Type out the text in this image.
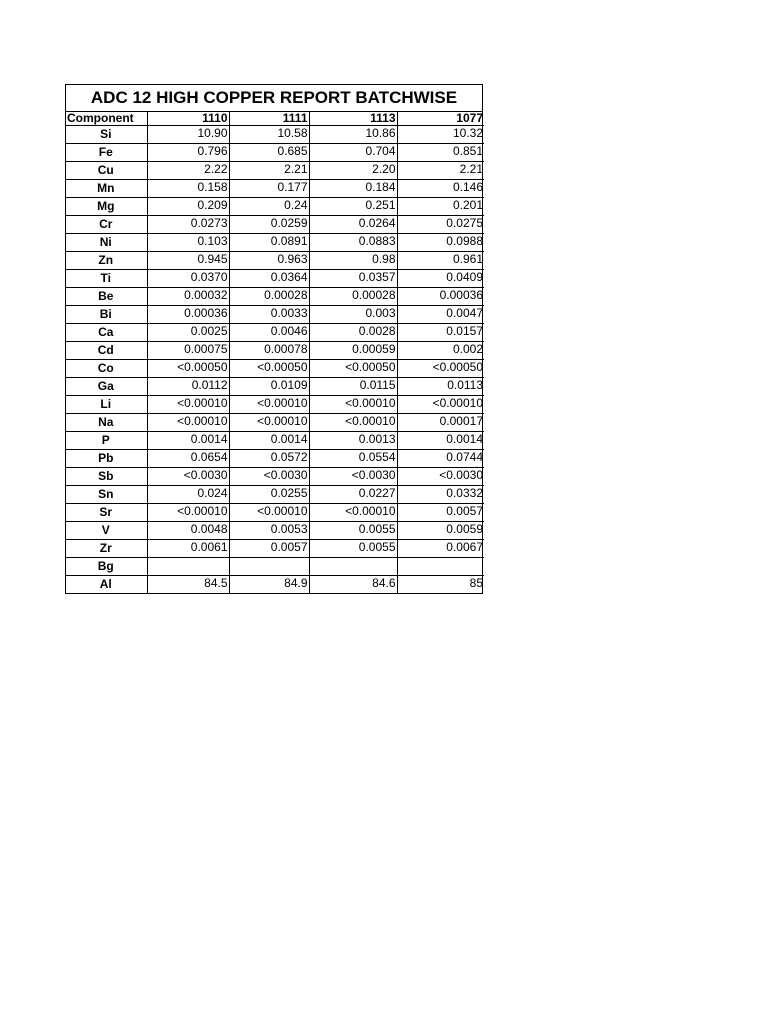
ADC 12 HIGH COPPER REPORT BATCHWISE
Component	1110	1111	1113	1077
Si	10.90	10.58	10.86	10.32
Fe	0.796	0.685	0.704	0.851
Cu	2.22	2.21	2.20	2.21
Mn	0.158	0.177	0.184	0.146
Mg	0.209	0.24	0.251	0.201
Cr	0.0273	0.0259	0.0264	0.0275
Ni	0.103	0.0891	0.0883	0.0988
Zn	0.945	0.963	0.98	0.961
Ti	0.0370	0.0364	0.0357	0.0409
Be	0.00032	0.00028	0.00028	0.00036
Bi	0.00036	0.0033	0.003	0.0047
Ca	0.0025	0.0046	0.0028	0.0157
Cd	0.00075	0.00078	0.00059	0.002
Co	<0.00050	<0.00050	<0.00050	<0.00050
Ga	0.0112	0.0109	0.0115	0.0113
Li	<0.00010	<0.00010	<0.00010	<0.00010
Na	<0.00010	<0.00010	<0.00010	0.00017
P	0.0014	0.0014	0.0013	0.0014
Pb	0.0654	0.0572	0.0554	0.0744
Sb	<0.0030	<0.0030	<0.0030	<0.0030
Sn	0.024	0.0255	0.0227	0.0332
Sr	<0.00010	<0.00010	<0.00010	0.0057
V	0.0048	0.0053	0.0055	0.0059
Zr	0.0061	0.0057	0.0055	0.0067
Bg				
Al	84.5	84.9	84.6	85
